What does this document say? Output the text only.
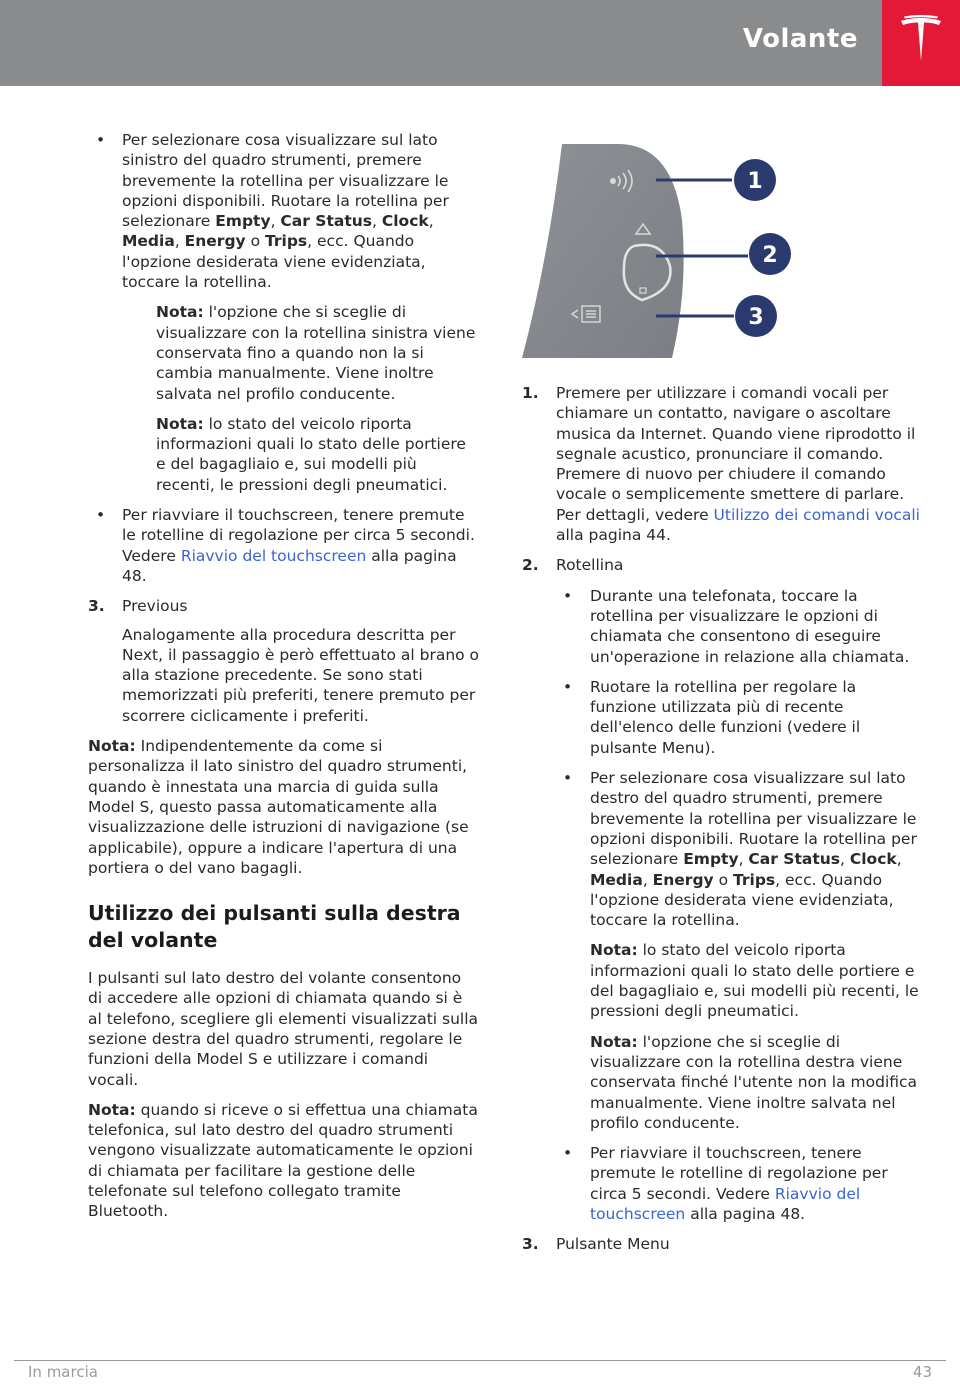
Volante
• Per selezionare cosa visualizzare sul lato sinistro del quadro strumenti, premere brevemente la rotellina per visualizzare le opzioni disponibili. Ruotare la rotellina per selezionare Empty, Car Status, Clock, Media, Energy o Trips, ecc. Quando l'opzione desiderata viene evidenziata, toccare la rotellina.
Nota: l'opzione che si sceglie di visualizzare con la rotellina sinistra viene conservata fino a quando non la si cambia manualmente. Viene inoltre salvata nel profilo conducente.
Nota: lo stato del veicolo riporta informazioni quali lo stato delle portiere e del bagagliaio e, sui modelli più recenti, le pressioni degli pneumatici.
• Per riavviare il touchscreen, tenere premute le rotelline di regolazione per circa 5 secondi. Vedere Riavvio del touchscreen alla pagina 48.
3. Previous

Analogamente alla procedura descritta per Next, il passaggio è però effettuato al brano o alla stazione precedente. Se sono stati memorizzati più preferiti, tenere premuto per scorrere ciclicamente i preferiti.

Nota: Indipendentemente da come si personalizza il lato sinistro del quadro strumenti, quando è innestata una marcia di guida sulla Model S, questo passa automaticamente alla visualizzazione delle istruzioni di navigazione (se applicabile), oppure a indicare l'apertura di una portiera o del vano bagagli.

Utilizzo dei pulsanti sulla destra del volante

I pulsanti sul lato destro del volante consentono di accedere alle opzioni di chiamata quando si è al telefono, scegliere gli elementi visualizzati sulla sezione destra del quadro strumenti, regolare le funzioni della Model S e utilizzare i comandi vocali.

Nota: quando si riceve o si effettua una chiamata telefonica, sul lato destro del quadro strumenti vengono visualizzate automaticamente le opzioni di chiamata per facilitare la gestione delle telefonate sul telefono collegato tramite Bluetooth.

1
2
3
1. Premere per utilizzare i comandi vocali per chiamare un contatto, navigare o ascoltare musica da Internet. Quando viene riprodotto il segnale acustico, pronunciare il comando. Premere di nuovo per chiudere il comando vocale o semplicemente smettere di parlare. Per dettagli, vedere Utilizzo dei comandi vocali alla pagina 44.
2. Rotellina
• Durante una telefonata, toccare la rotellina per visualizzare le opzioni di chiamata che consentono di eseguire un'operazione in relazione alla chiamata.
• Ruotare la rotellina per regolare la funzione utilizzata più di recente dell'elenco delle funzioni (vedere il pulsante Menu).
• Per selezionare cosa visualizzare sul lato destro del quadro strumenti, premere brevemente la rotellina per visualizzare le opzioni disponibili. Ruotare la rotellina per selezionare Empty, Car Status, Clock, Media, Energy o Trips, ecc. Quando l'opzione desiderata viene evidenziata, toccare la rotellina.
Nota: lo stato del veicolo riporta informazioni quali lo stato delle portiere e del bagagliaio e, sui modelli più recenti, le pressioni degli pneumatici.
Nota: l'opzione che si sceglie di visualizzare con la rotellina destra viene conservata finché l'utente non la modifica manualmente. Viene inoltre salvata nel profilo conducente.
• Per riavviare il touchscreen, tenere premute le rotelline di regolazione per circa 5 secondi. Vedere Riavvio del touchscreen alla pagina 48.
3. Pulsante Menu
In marcia	43
